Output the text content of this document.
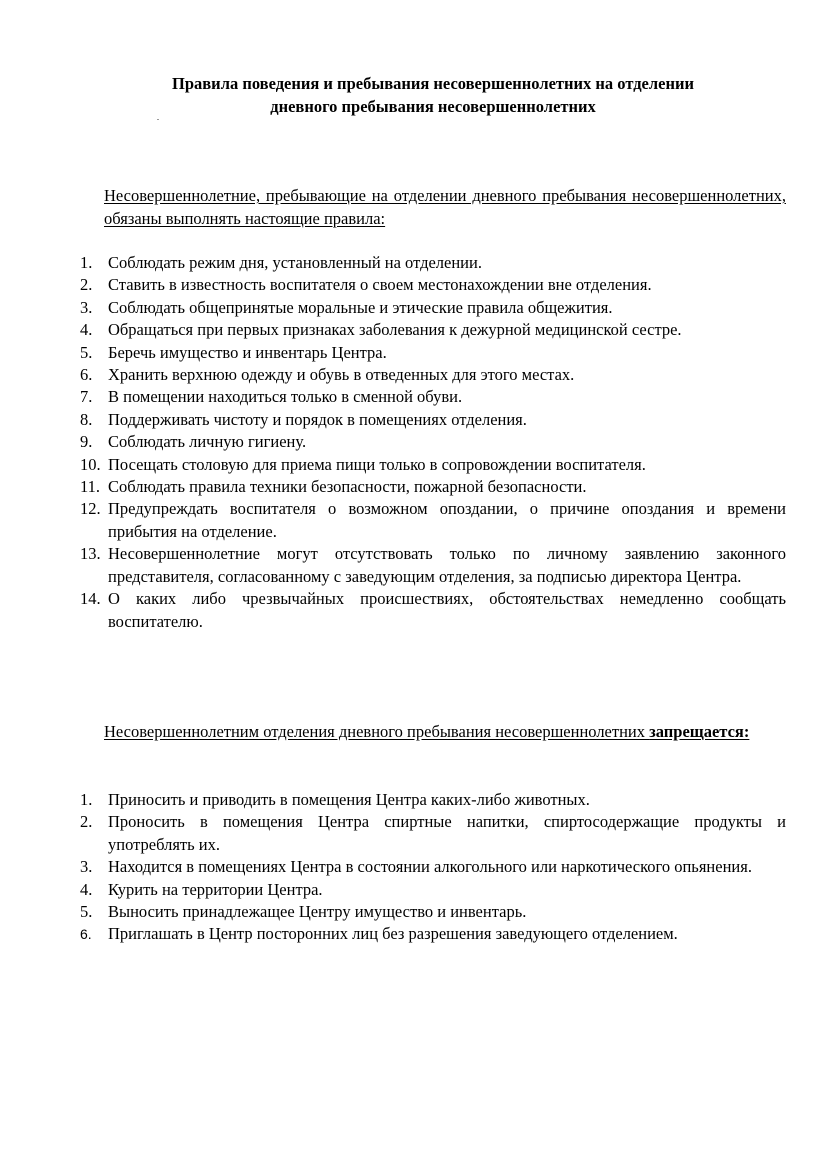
Правила поведения и пребывания несовершеннолетних на отделении
дневного пребывания несовершеннолетних
Несовершеннолетние, пребывающие на отделении дневного пребывания несовершеннолетних, обязаны выполнять настоящие правила:
1. Соблюдать режим дня, установленный на отделении.
2. Ставить в известность воспитателя о своем местонахождении вне отделения.
3. Соблюдать общепринятые моральные и этические правила общежития.
4. Обращаться при первых признаках заболевания к дежурной медицинской сестре.
5. Беречь имущество и инвентарь Центра.
6. Хранить верхнюю одежду и обувь в отведенных для этого местах.
7. В помещении находиться только в сменной обуви.
8. Поддерживать чистоту и порядок в помещениях отделения.
9. Соблюдать личную гигиену.
10. Посещать столовую для приема пищи только в сопровождении воспитателя.
11. Соблюдать правила техники безопасности, пожарной безопасности.
12. Предупреждать воспитателя о возможном опоздании, о причине опоздания и времени прибытия на отделение.
13. Несовершеннолетние могут отсутствовать только по личному заявлению законного представителя, согласованному с заведующим отделения, за подписью директора Центра.
14. О каких либо чрезвычайных происшествиях, обстоятельствах немедленно сообщать воспитателю.
Несовершеннолетним отделения дневного пребывания несовершеннолетних запрещается:
1. Приносить и приводить в помещения Центра каких-либо животных.
2. Проносить в помещения Центра спиртные напитки, спиртосодержащие продукты и употреблять их.
3. Находится в помещениях Центра в состоянии алкогольного или наркотического опьянения.
4. Курить на территории Центра.
5. Выносить принадлежащее Центру имущество и инвентарь.
6. Приглашать в Центр посторонних лиц без разрешения заведующего отделением.
